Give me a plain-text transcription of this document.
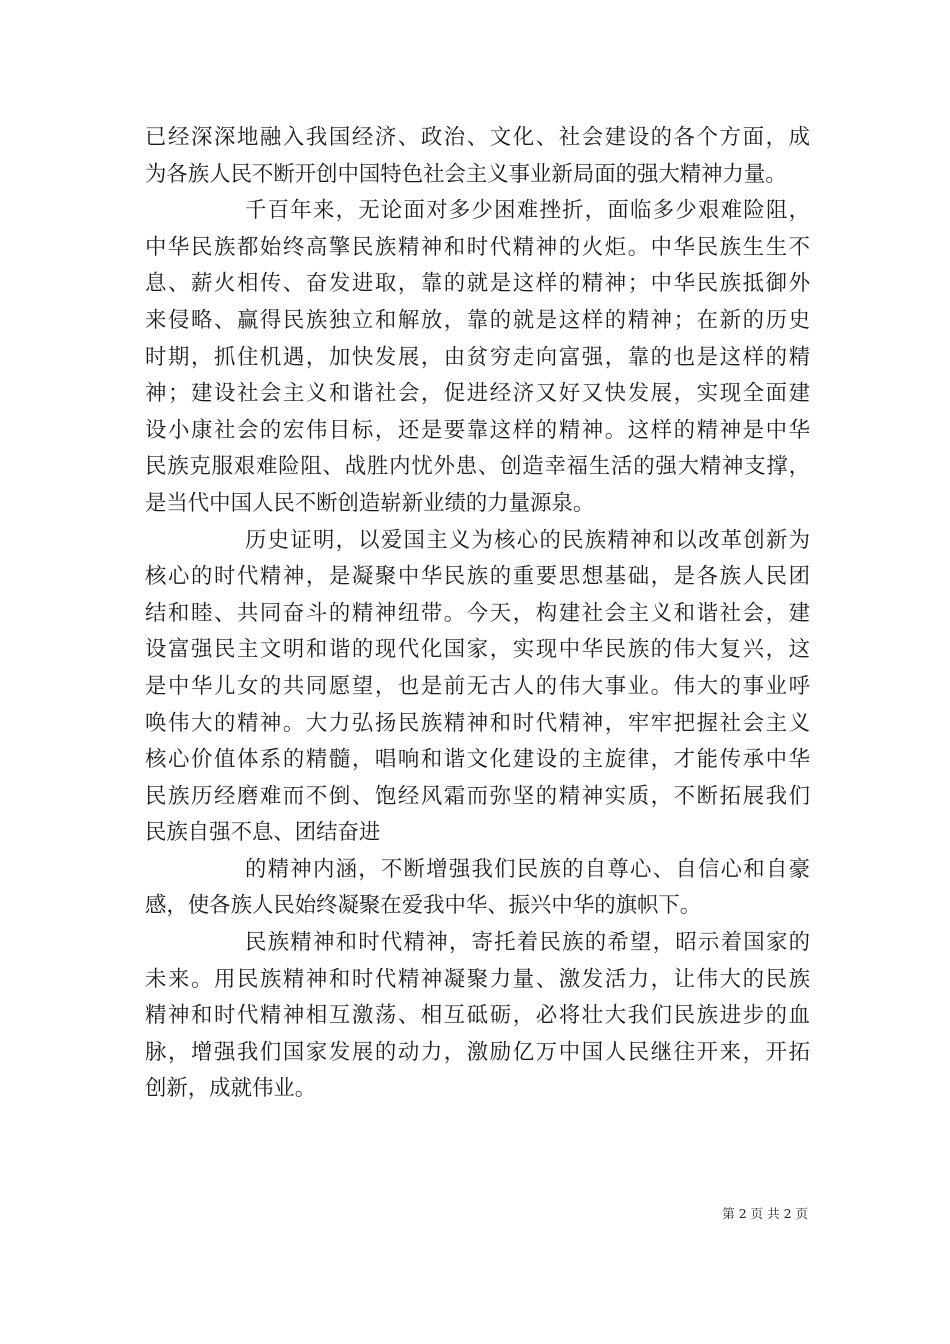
已经深深地融入我国经济、政治、文化、社会建设的各个方面，成
为各族人民不断开创中国特色社会主义事业新局面的强大精神力量。
千百年来，无论面对多少困难挫折，面临多少艰难险阻，
中华民族都始终高擎民族精神和时代精神的火炬。中华民族生生不
息、薪火相传、奋发进取，靠的就是这样的精神；中华民族抵御外
来侵略、赢得民族独立和解放，靠的就是这样的精神；在新的历史
时期，抓住机遇，加快发展，由贫穷走向富强，靠的也是这样的精
神；建设社会主义和谐社会，促进经济又好又快发展，实现全面建
设小康社会的宏伟目标，还是要靠这样的精神。这样的精神是中华
民族克服艰难险阻、战胜内忧外患、创造幸福生活的强大精神支撑，
是当代中国人民不断创造崭新业绩的力量源泉。
历史证明，以爱国主义为核心的民族精神和以改革创新为
核心的时代精神，是凝聚中华民族的重要思想基础，是各族人民团
结和睦、共同奋斗的精神纽带。今天，构建社会主义和谐社会，建
设富强民主文明和谐的现代化国家，实现中华民族的伟大复兴，这
是中华儿女的共同愿望，也是前无古人的伟大事业。伟大的事业呼
唤伟大的精神。大力弘扬民族精神和时代精神，牢牢把握社会主义
核心价值体系的精髓，唱响和谐文化建设的主旋律，才能传承中华
民族历经磨难而不倒、饱经风霜而弥坚的精神实质，不断拓展我们
民族自强不息、团结奋进
的精神内涵，不断增强我们民族的自尊心、自信心和自豪
感，使各族人民始终凝聚在爱我中华、振兴中华的旗帜下。
民族精神和时代精神，寄托着民族的希望，昭示着国家的
未来。用民族精神和时代精神凝聚力量、激发活力，让伟大的民族
精神和时代精神相互激荡、相互砥砺，必将壮大我们民族进步的血
脉，增强我们国家发展的动力，激励亿万中国人民继往开来，开拓
创新，成就伟业。
第 2 页 共 2 页
